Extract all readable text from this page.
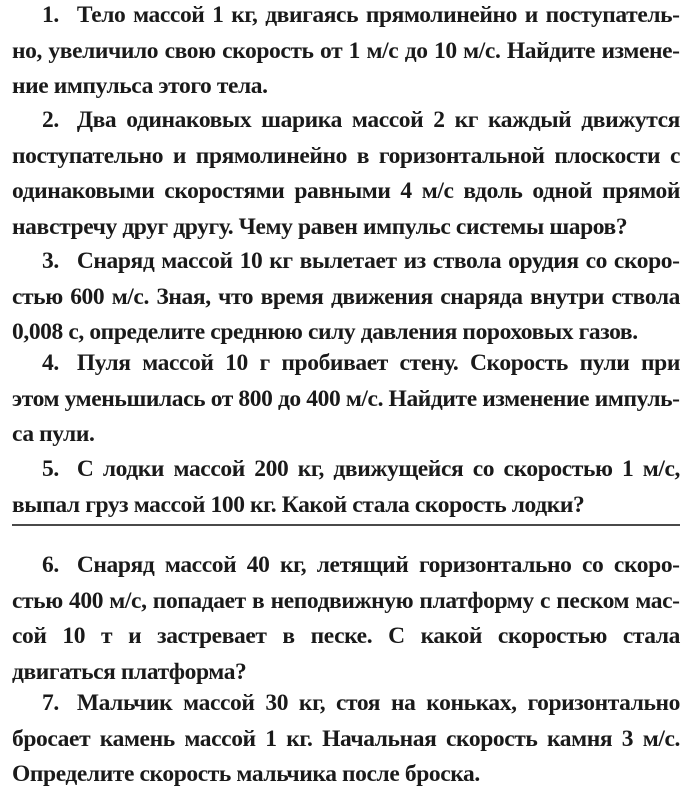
1. Тело массой 1 кг, двигаясь прямолинейно и поступательно, увеличило свою скорость от 1 м/с до 10 м/с. Найдите изменение импульса этого тела.

2. Два одинаковых шарика массой 2 кг каждый движутся поступательно и прямолинейно в горизонтальной плоскости с одинаковыми скоростями равными 4 м/с вдоль одной прямой навстречу друг другу. Чему равен импульс системы шаров?

3. Снаряд массой 10 кг вылетает из ствола орудия со скоростью 600 м/с. Зная, что время движения снаряда внутри ствола 0,008 с, определите среднюю силу давления пороховых газов.

4. Пуля массой 10 г пробивает стену. Скорость пули при этом уменьшилась от 800 до 400 м/с. Найдите изменение импульса пули.

5. С лодки массой 200 кг, движущейся со скоростью 1 м/с, выпал груз массой 100 кг. Какой стала скорость лодки?

6. Снаряд массой 40 кг, летящий горизонтально со скоростью 400 м/с, попадает в неподвижную платформу с песком массой 10 т и застревает в песке. С какой скоростью стала двигаться платформа?

7. Мальчик массой 30 кг, стоя на коньках, горизонтально бросает камень массой 1 кг. Начальная скорость камня 3 м/с. Определите скорость мальчика после броска.
